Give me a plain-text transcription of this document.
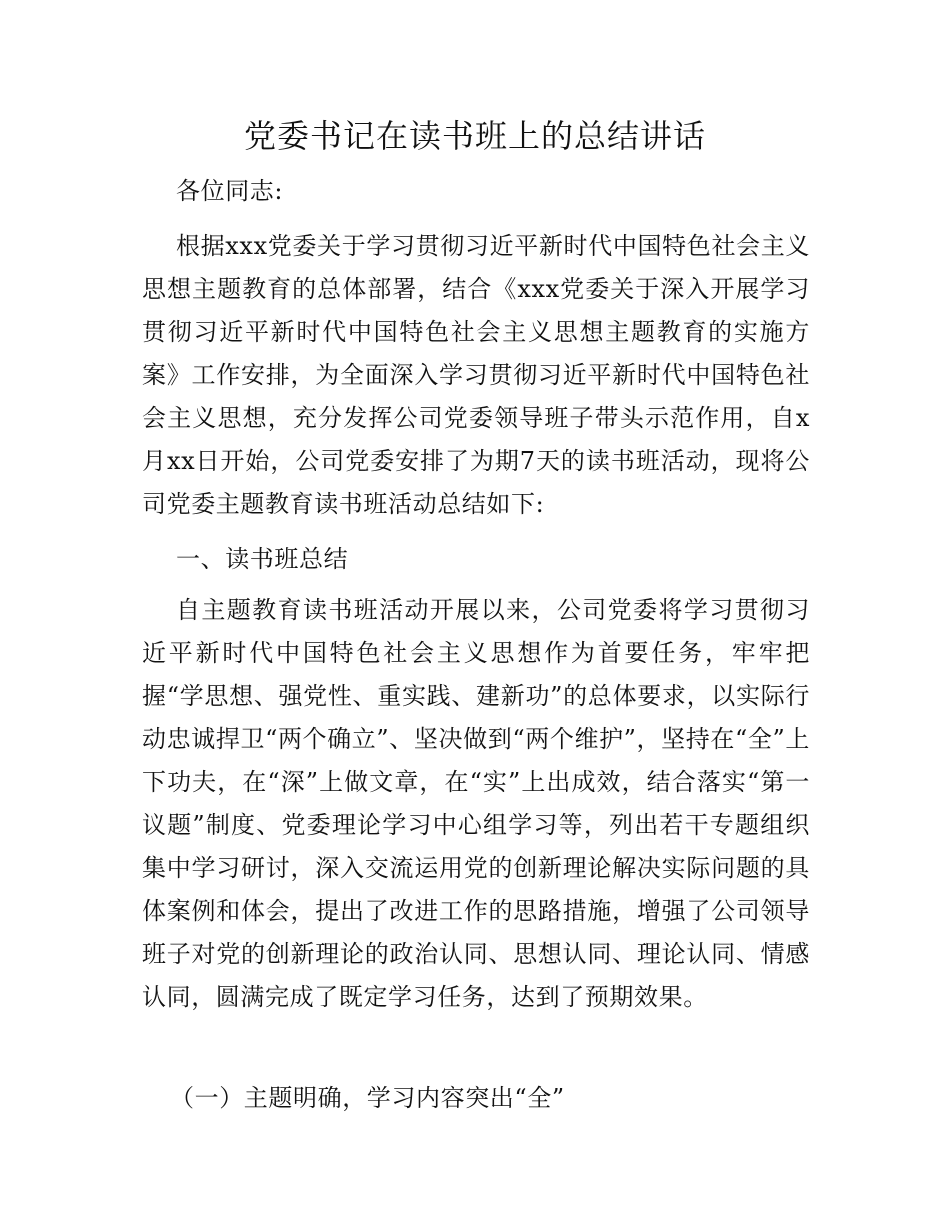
党委书记在读书班上的总结讲话

各位同志:

根据xxx党委关于学习贯彻习近平新时代中国特色社会主义思想主题教育的总体部署，结合《xxx党委关于深入开展学习贯彻习近平新时代中国特色社会主义思想主题教育的实施方案》工作安排，为全面深入学习贯彻习近平新时代中国特色社会主义思想，充分发挥公司党委领导班子带头示范作用，自x月xx日开始，公司党委安排了为期7天的读书班活动，现将公司党委主题教育读书班活动总结如下:

一、读书班总结

自主题教育读书班活动开展以来，公司党委将学习贯彻习近平新时代中国特色社会主义思想作为首要任务，牢牢把握“学思想、强党性、重实践、建新功”的总体要求，以实际行动忠诚捍卫“两个确立”、坚决做到“两个维护”，坚持在“全”上下功夫，在“深”上做文章，在“实”上出成效，结合落实“第一议题”制度、党委理论学习中心组学习等，列出若干专题组织集中学习研讨，深入交流运用党的创新理论解决实际问题的具体案例和体会，提出了改进工作的思路措施，增强了公司领导班子对党的创新理论的政治认同、思想认同、理论认同、情感认同，圆满完成了既定学习任务，达到了预期效果。

（一）主题明确，学习内容突出“全”
